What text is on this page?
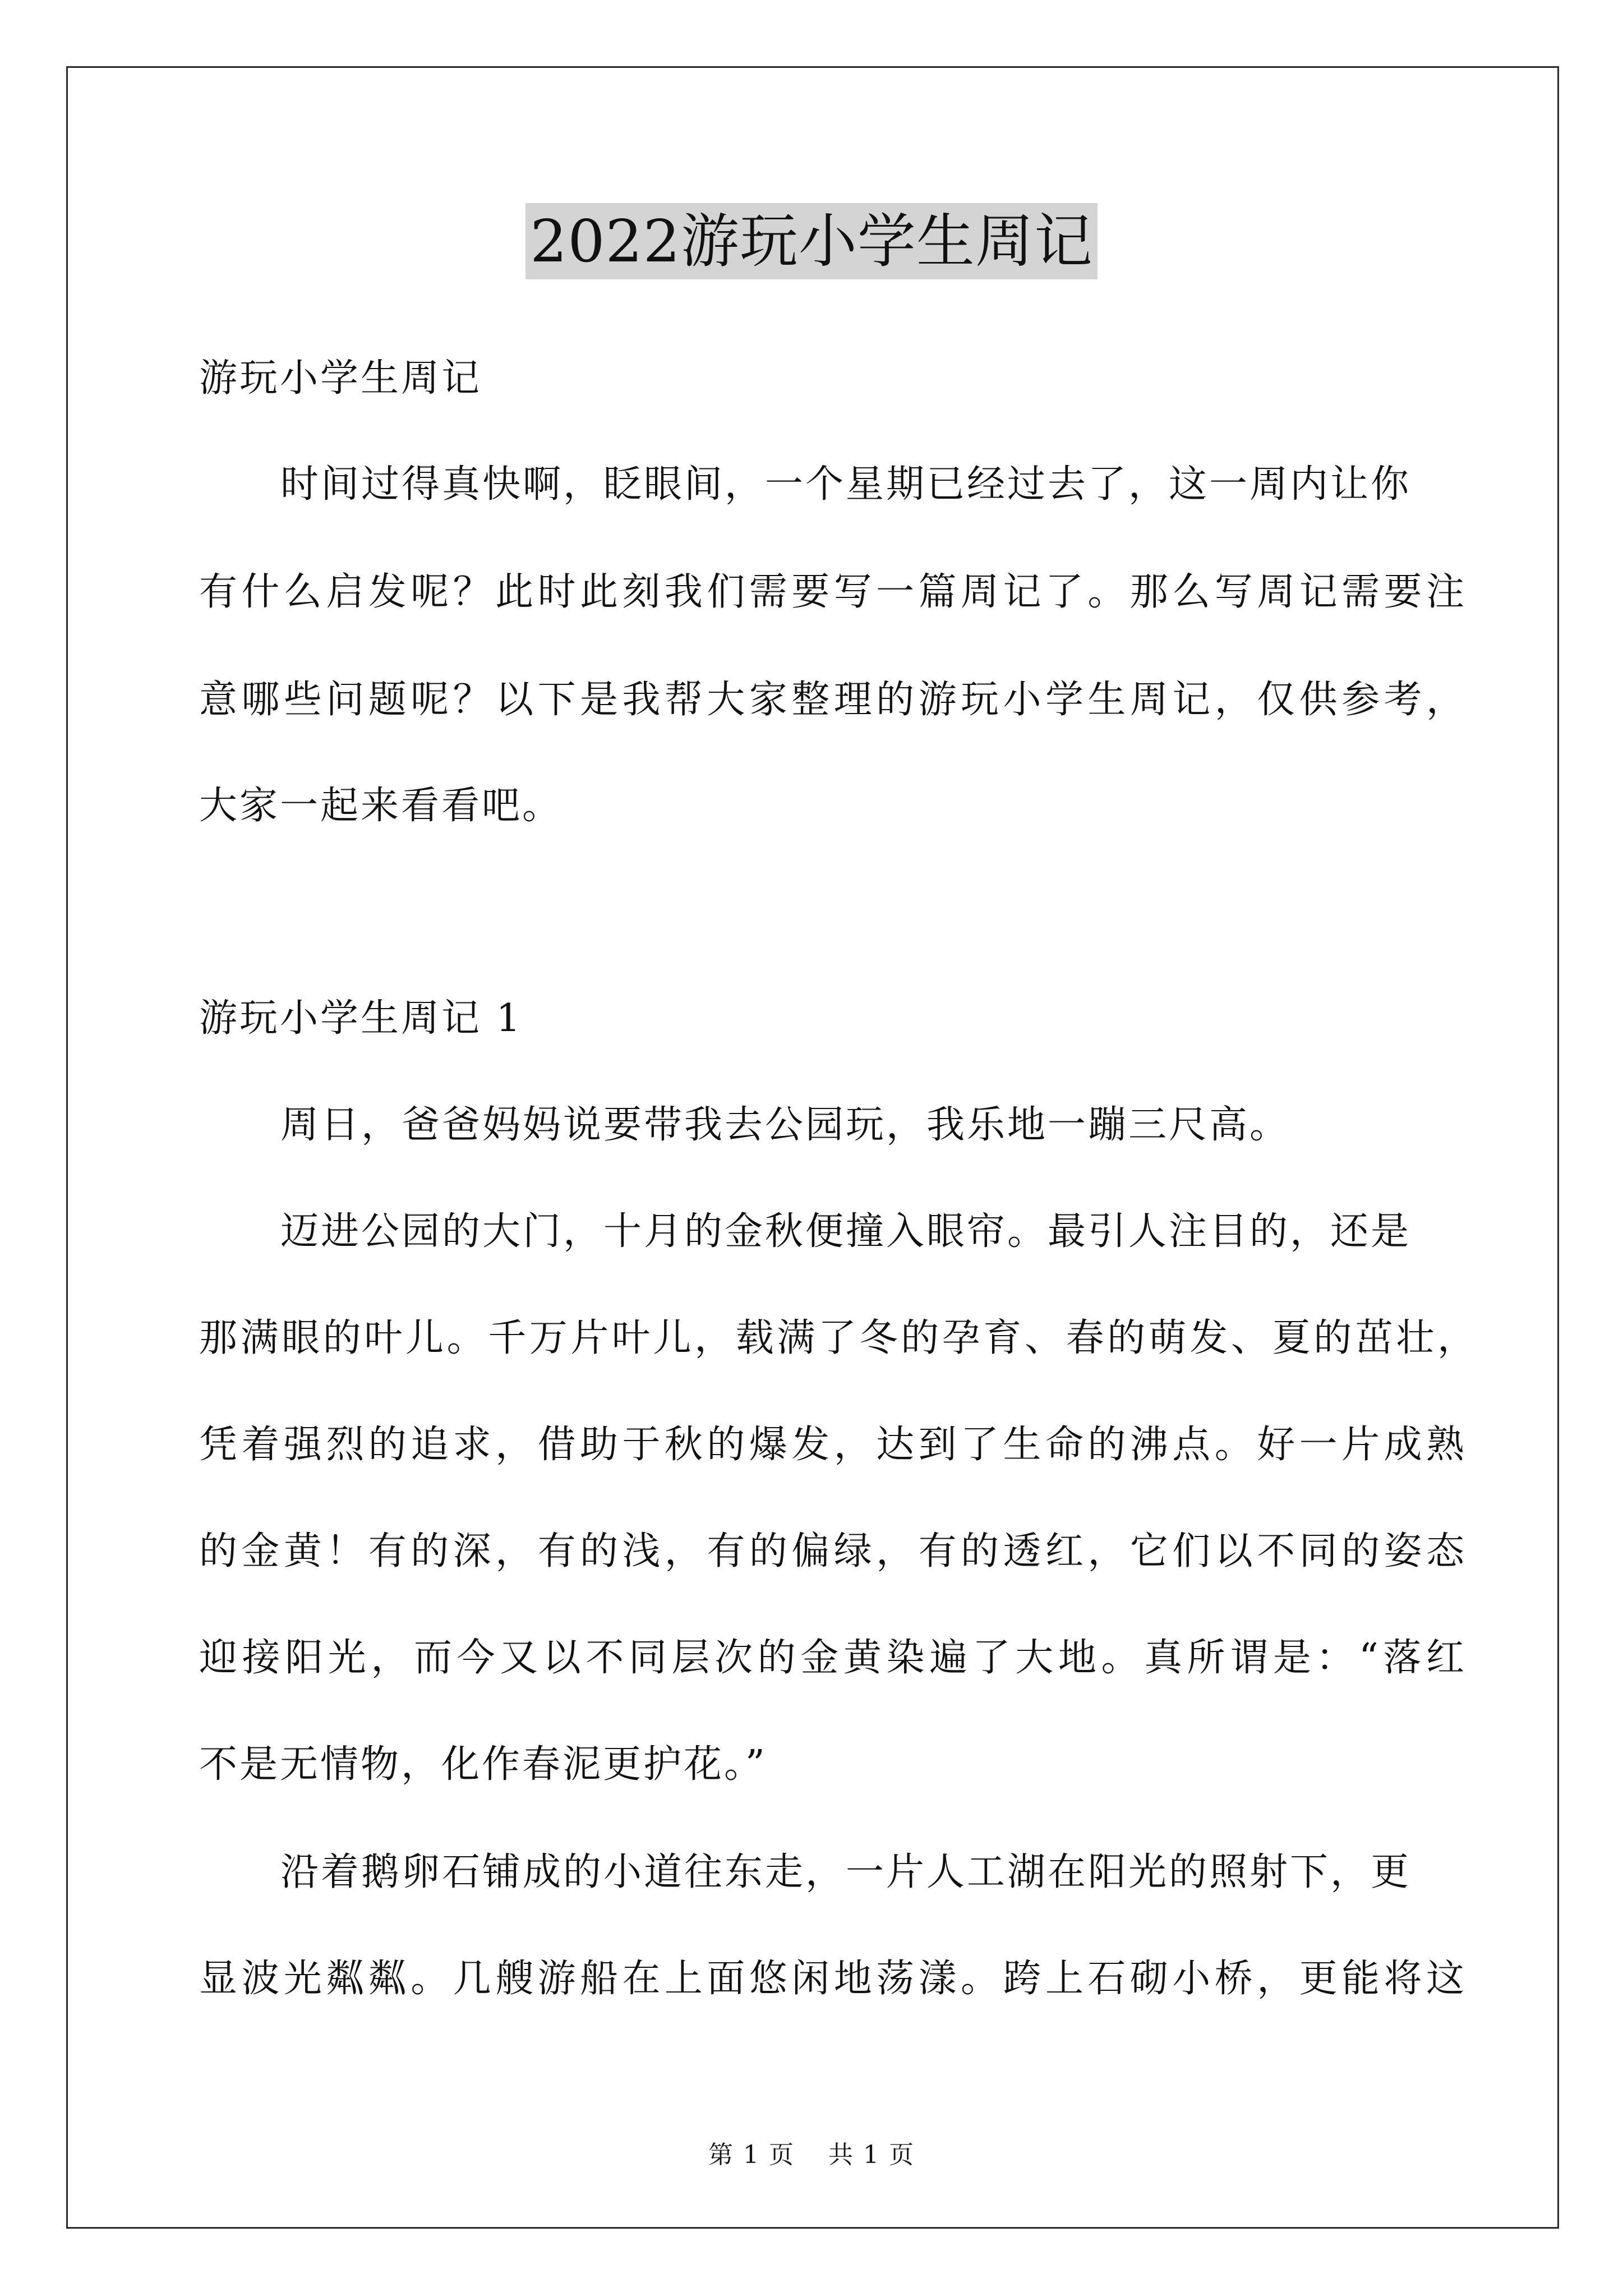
2022游玩小学生周记
游玩小学生周记
时间过得真快啊，眨眼间，一个星期已经过去了，这一周内让你
有什么启发呢？此时此刻我们需要写一篇周记了。那么写周记需要注
意哪些问题呢？以下是我帮大家整理的游玩小学生周记，仅供参考，
大家一起来看看吧。
游玩小学生周记 1
周日，爸爸妈妈说要带我去公园玩，我乐地一蹦三尺高。
迈进公园的大门，十月的金秋便撞入眼帘。最引人注目的，还是
那满眼的叶儿。千万片叶儿，载满了冬的孕育、春的萌发、夏的茁壮，
凭着强烈的追求，借助于秋的爆发，达到了生命的沸点。好一片成熟
的金黄！有的深，有的浅，有的偏绿，有的透红，它们以不同的姿态
迎接阳光，而今又以不同层次的金黄染遍了大地。真所谓是：“落红
不是无情物，化作春泥更护花。”
沿着鹅卵石铺成的小道往东走，一片人工湖在阳光的照射下，更
显波光粼粼。几艘游船在上面悠闲地荡漾。跨上石砌小桥，更能将这
第 1 页 共 1 页
